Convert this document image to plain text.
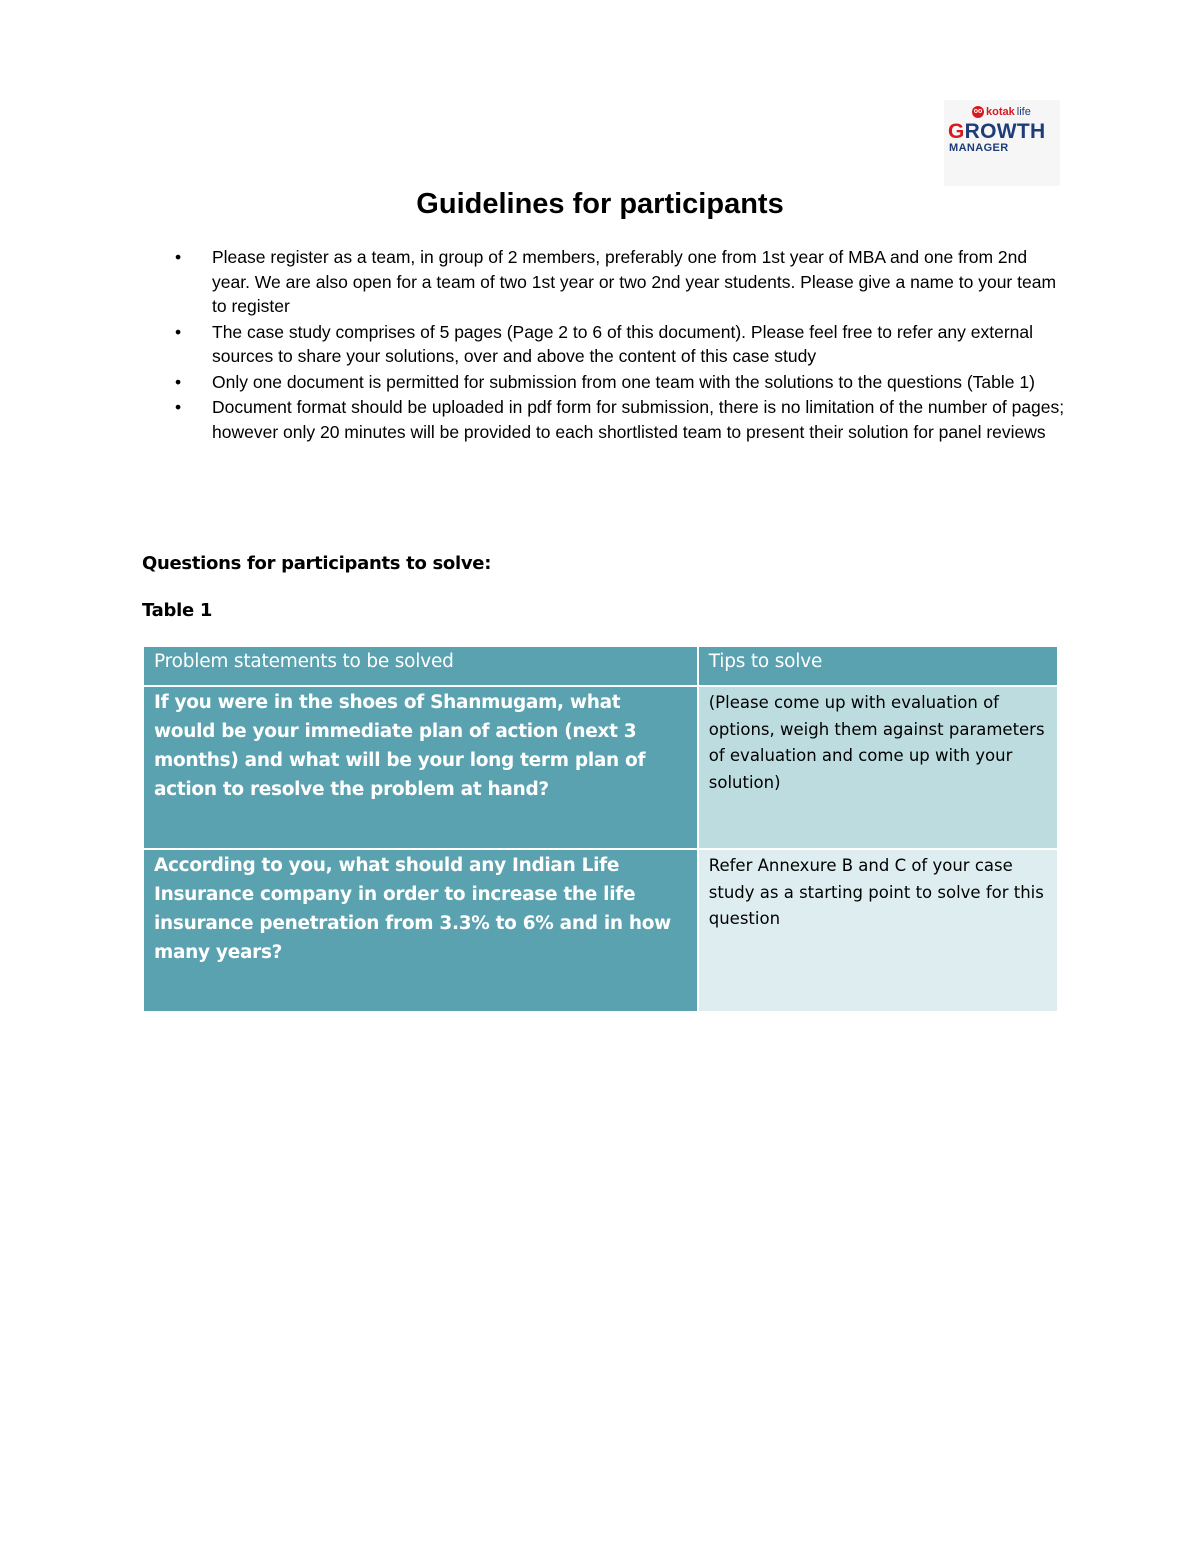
oo kotak life
GROWTH
MANAGER
Guidelines for participants
• Please register as a team, in group of 2 members, preferably one from 1st year of MBA and one from 2nd year. We are also open for a team of two 1st year or two 2nd year students. Please give a name to your team to register
• The case study comprises of 5 pages (Page 2 to 6 of this document). Please feel free to refer any external sources to share your solutions, over and above the content of this case study
• Only one document is permitted for submission from one team with the solutions to the questions (Table 1)
• Document format should be uploaded in pdf form for submission, there is no limitation of the number of pages; however only 20 minutes will be provided to each shortlisted team to present their solution for panel reviews
Questions for participants to solve:
Table 1
Problem statements to be solved	Tips to solve
If you were in the shoes of Shanmugam, what would be your immediate plan of action (next 3 months) and what will be your long term plan of action to resolve the problem at hand?	(Please come up with evaluation of options, weigh them against parameters of evaluation and come up with your solution)
According to you, what should any Indian Life Insurance company in order to increase the life insurance penetration from 3.3% to 6% and in how many years?	Refer Annexure B and C of your case study as a starting point to solve for this question
